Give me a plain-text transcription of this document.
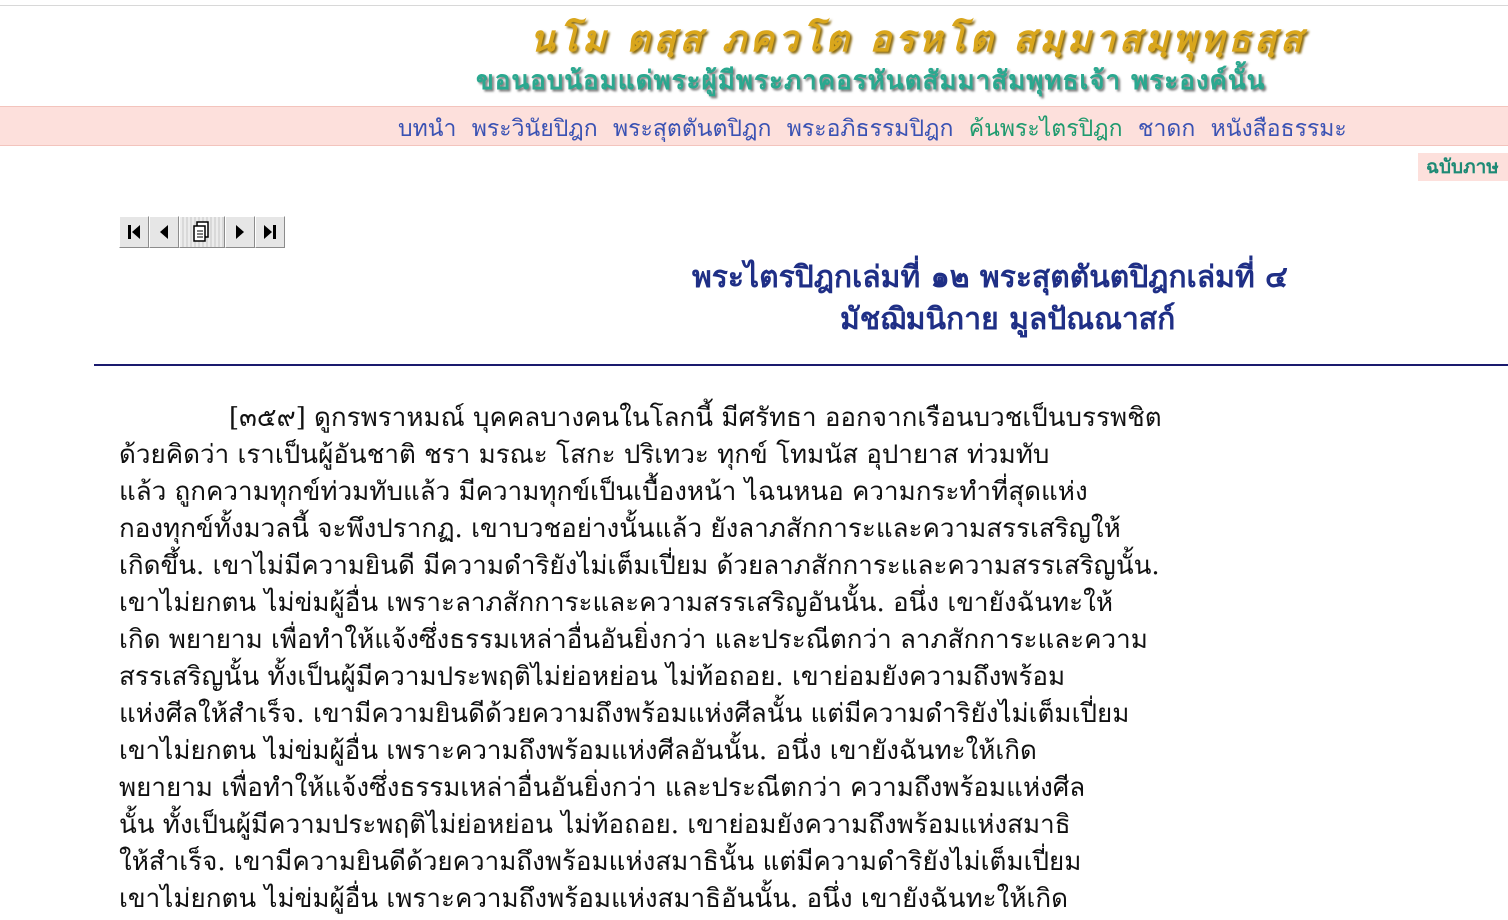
นโม ตสฺส ภควโต อรหโต สมฺมาสมฺพุทฺธสฺส
ขอนอบน้อมแด่พระผู้มีพระภาคอรหันตสัมมาสัมพุทธเจ้า พระองค์นั้น
บทนำ พระวินัยปิฎก พระสุตตันตปิฎก พระอภิธรรมปิฎก ค้นพระไตรปิฎก ชาดก หนังสือธรรมะ
ฉบับภาษ
พระไตรปิฎกเล่มที่ ๑๒ พระสุตตันตปิฎกเล่มที่ ๔
มัชฌิมนิกาย มูลปัณณาสก์
[๓๕๙] ดูกรพราหมณ์ บุคคลบางคนในโลกนี้ มีศรัทธา ออกจากเรือนบวชเป็นบรรพชิต
ด้วยคิดว่า เราเป็นผู้อันชาติ ชรา มรณะ โสกะ ปริเทวะ ทุกข์ โทมนัส อุปายาส ท่วมทับ
แล้ว ถูกความทุกข์ท่วมทับแล้ว มีความทุกข์เป็นเบื้องหน้า ไฉนหนอ ความกระทำที่สุดแห่ง
กองทุกข์ทั้งมวลนี้ จะพึงปรากฏ. เขาบวชอย่างนั้นแล้ว ยังลาภสักการะและความสรรเสริญให้
เกิดขึ้น. เขาไม่มีความยินดี มีความดำริยังไม่เต็มเปี่ยม ด้วยลาภสักการะและความสรรเสริญนั้น.
เขาไม่ยกตน ไม่ข่มผู้อื่น เพราะลาภสักการะและความสรรเสริญอันนั้น. อนึ่ง เขายังฉันทะให้
เกิด พยายาม เพื่อทำให้แจ้งซึ่งธรรมเหล่าอื่นอันยิ่งกว่า และประณีตกว่า ลาภสักการะและความ
สรรเสริญนั้น ทั้งเป็นผู้มีความประพฤติไม่ย่อหย่อน ไม่ท้อถอย. เขาย่อมยังความถึงพร้อม
แห่งศีลให้สำเร็จ. เขามีความยินดีด้วยความถึงพร้อมแห่งศีลนั้น แต่มีความดำริยังไม่เต็มเปี่ยม
เขาไม่ยกตน ไม่ข่มผู้อื่น เพราะความถึงพร้อมแห่งศีลอันนั้น. อนึ่ง เขายังฉันทะให้เกิด
พยายาม เพื่อทำให้แจ้งซึ่งธรรมเหล่าอื่นอันยิ่งกว่า และประณีตกว่า ความถึงพร้อมแห่งศีล
นั้น ทั้งเป็นผู้มีความประพฤติไม่ย่อหย่อน ไม่ท้อถอย. เขาย่อมยังความถึงพร้อมแห่งสมาธิ
ให้สำเร็จ. เขามีความยินดีด้วยความถึงพร้อมแห่งสมาธินั้น แต่มีความดำริยังไม่เต็มเปี่ยม
เขาไม่ยกตน ไม่ข่มผู้อื่น เพราะความถึงพร้อมแห่งสมาธิอันนั้น. อนึ่ง เขายังฉันทะให้เกิด
